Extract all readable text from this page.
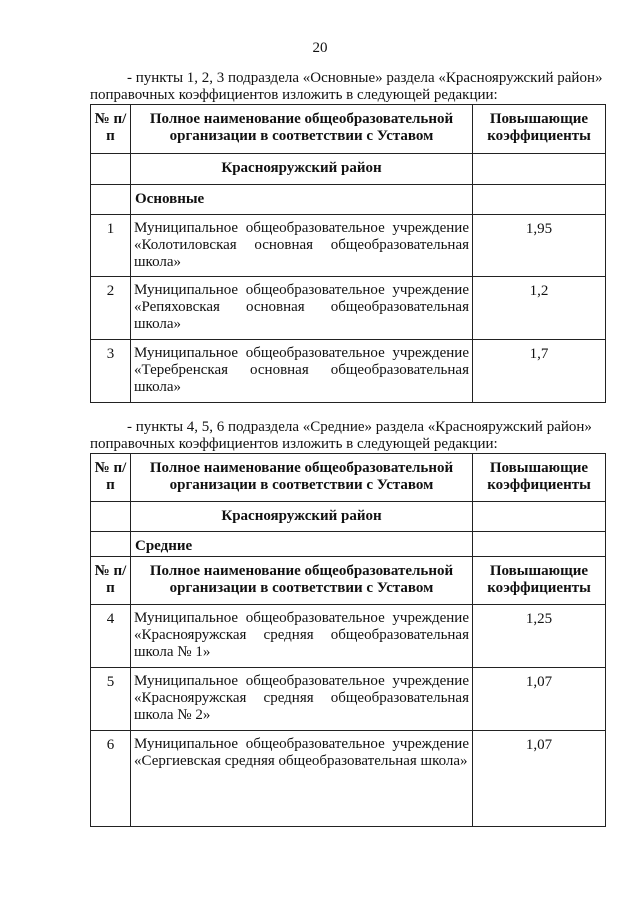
20
- пункты 1, 2, 3 подраздела «Основные» раздела «Краснояружский район»
поправочных коэффициентов изложить в следующей редакции:
№ п/п	Полное наименование общеобразовательной организации в соответствии с Уставом	Повышающие коэффициенты
	Краснояружский район	
	Основные	
1	Муниципальное общеобразовательное учреждение «Колотиловская основная общеобразовательная школа»	1,95
2	Муниципальное общеобразовательное учреждение «Репяховская основная общеобразовательная школа»	1,2
3	Муниципальное общеобразовательное учреждение «Теребренская основная общеобразовательная школа»	1,7
- пункты 4, 5, 6 подраздела «Средние» раздела «Краснояружский район»
поправочных коэффициентов изложить в следующей редакции:
№ п/п	Полное наименование общеобразовательной организации в соответствии с Уставом	Повышающие коэффициенты
	Краснояружский район	
	Средние	
№ п/п	Полное наименование общеобразовательной организации в соответствии с Уставом	Повышающие коэффициенты
4	Муниципальное общеобразовательное учреждение «Краснояружская средняя общеобразовательная школа № 1»	1,25
5	Муниципальное общеобразовательное учреждение «Краснояружская средняя общеобразовательная школа № 2»	1,07
6	Муниципальное общеобразовательное учреждение «Сергиевская средняя общеобразовательная школа»	1,07
